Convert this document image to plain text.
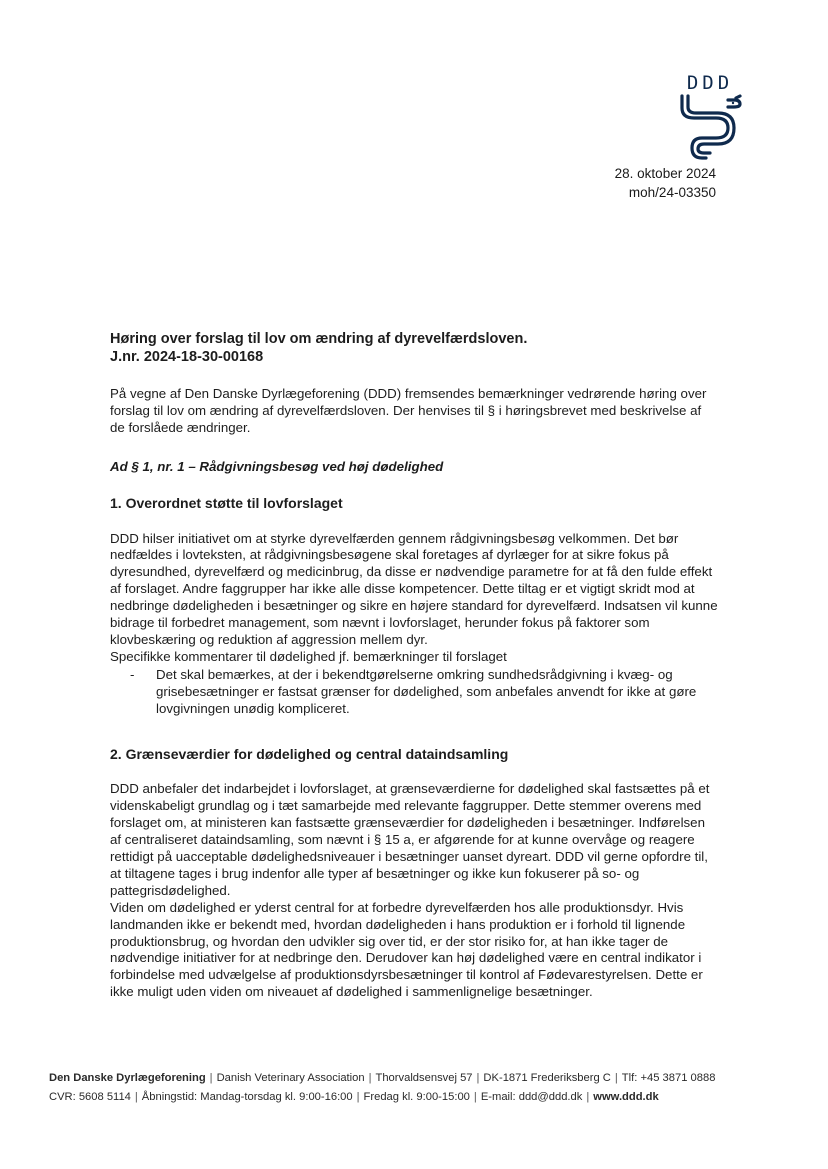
DDD
28. oktober 2024
moh/24-03350
Høring over forslag til lov om ændring af dyrevelfærdsloven.
J.nr. 2024-18-30-00168
På vegne af Den Danske Dyrlægeforening (DDD) fremsendes bemærkninger vedrørende høring over forslag til lov om ændring af dyrevelfærdsloven. Der henvises til § i høringsbrevet med beskrivelse af de forslåede ændringer.
Ad § 1, nr. 1 – Rådgivningsbesøg ved høj dødelighed
1. Overordnet støtte til lovforslaget
DDD hilser initiativet om at styrke dyrevelfærden gennem rådgivningsbesøg velkommen. Det bør nedfældes i lovteksten, at rådgivningsbesøgene skal foretages af dyrlæger for at sikre fokus på dyresundhed, dyrevelfærd og medicinbrug, da disse er nødvendige parametre for at få den fulde effekt af forslaget. Andre faggrupper har ikke alle disse kompetencer. Dette tiltag er et vigtigt skridt mod at nedbringe dødeligheden i besætninger og sikre en højere standard for dyrevelfærd. Indsatsen vil kunne bidrage til forbedret management, som nævnt i lovforslaget, herunder fokus på faktorer som klovbeskæring og reduktion af aggression mellem dyr.
Specifikke kommentarer til dødelighed jf. bemærkninger til forslaget
- Det skal bemærkes, at der i bekendtgørelserne omkring sundhedsrådgivning i kvæg- og grisebesætninger er fastsat grænser for dødelighed, som anbefales anvendt for ikke at gøre lovgivningen unødig kompliceret.
2. Grænseværdier for dødelighed og central dataindsamling
DDD anbefaler det indarbejdet i lovforslaget, at grænseværdierne for dødelighed skal fastsættes på et videnskabeligt grundlag og i tæt samarbejde med relevante faggrupper. Dette stemmer overens med forslaget om, at ministeren kan fastsætte grænseværdier for dødeligheden i besætninger. Indførelsen af centraliseret dataindsamling, som nævnt i § 15 a, er afgørende for at kunne overvåge og reagere rettidigt på uacceptable dødelighedsniveauer i besætninger uanset dyreart. DDD vil gerne opfordre til, at tiltagene tages i brug indenfor alle typer af besætninger og ikke kun fokuserer på so- og pattegrisdødelighed.
Viden om dødelighed er yderst central for at forbedre dyrevelfærden hos alle produktionsdyr. Hvis landmanden ikke er bekendt med, hvordan dødeligheden i hans produktion er i forhold til lignende produktionsbrug, og hvordan den udvikler sig over tid, er der stor risiko for, at han ikke tager de nødvendige initiativer for at nedbringe den. Derudover kan høj dødelighed være en central indikator i forbindelse med udvælgelse af produktionsdyrsbesætninger til kontrol af Fødevarestyrelsen. Dette er ikke muligt uden viden om niveauet af dødelighed i sammenlignelige besætninger.
Den Danske Dyrlægeforening | Danish Veterinary Association | Thorvaldsensvej 57 | DK-1871 Frederiksberg C | Tlf: +45 3871 0888
CVR: 5608 5114 | Åbningstid: Mandag-torsdag kl. 9:00-16:00 | Fredag kl. 9:00-15:00 | E-mail: ddd@ddd.dk | www.ddd.dk
